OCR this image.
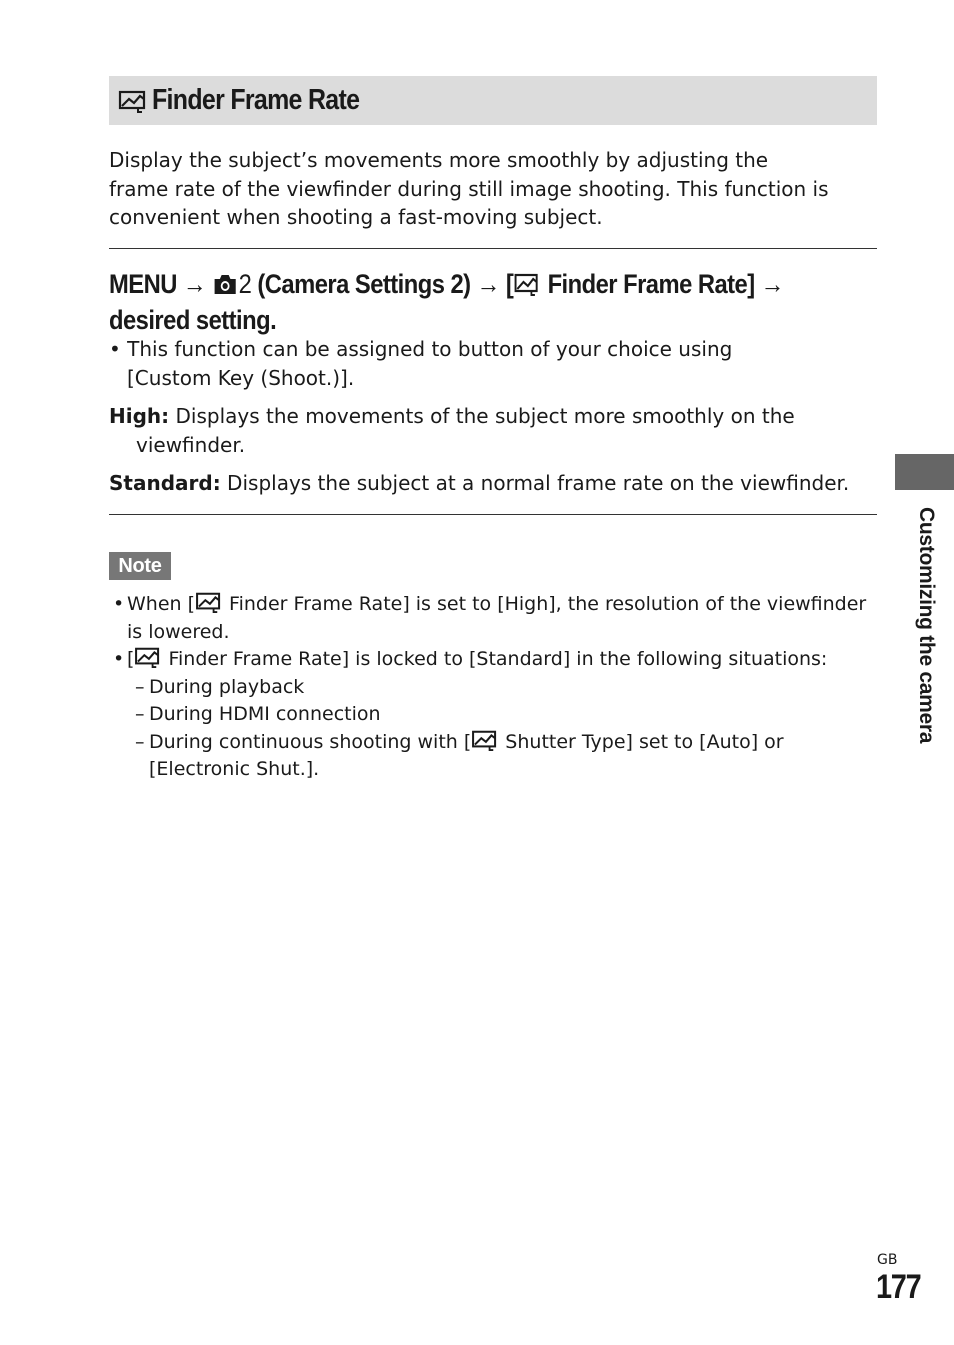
Finder Frame Rate
Display the subject’s movements more smoothly by adjusting the
frame rate of the viewfinder during still image shooting. This function is
convenient when shooting a fast-moving subject.
MENU → 2 (Camera Settings 2) → [ Finder Frame Rate] →
desired setting.
• This function can be assigned to button of your choice using
[Custom Key (Shoot.)].
High: Displays the movements of the subject more smoothly on the
viewfinder.
Standard: Displays the subject at a normal frame rate on the viewfinder.
Note
• When [ Finder Frame Rate] is set to [High], the resolution of the viewfinder
is lowered.
• [ Finder Frame Rate] is locked to [Standard] in the following situations:
– During playback
– During HDMI connection
– During continuous shooting with [ Shutter Type] set to [Auto] or
[Electronic Shut.].
Customizing the camera
GB
177
